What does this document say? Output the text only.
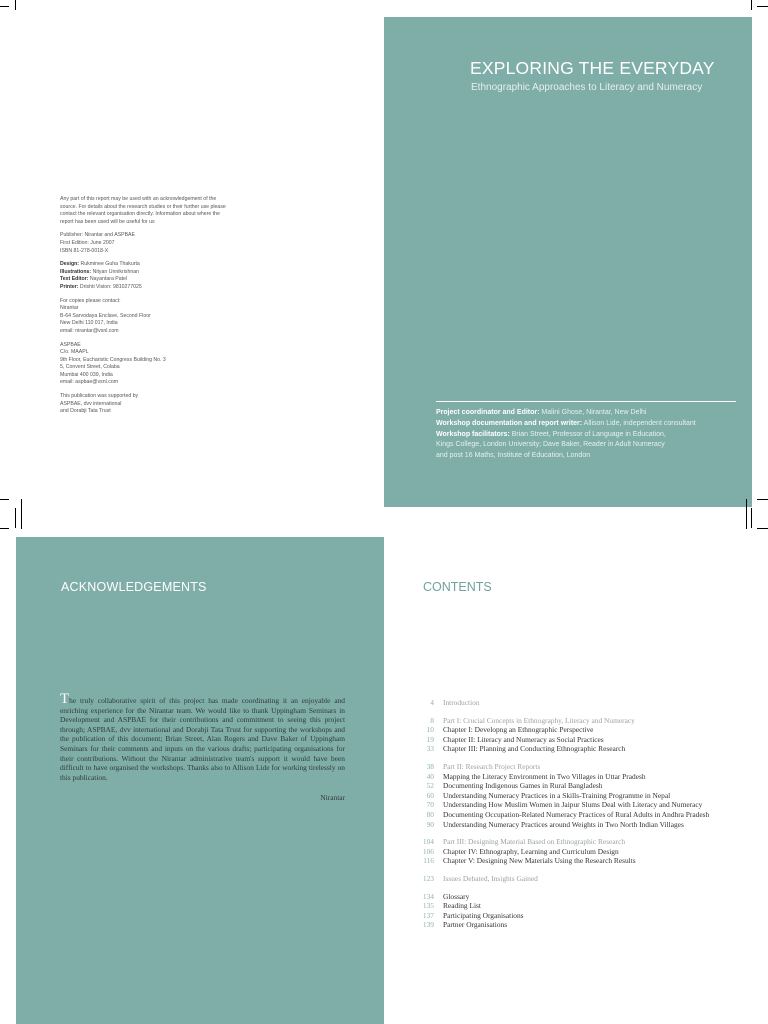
Any part of this report may be used with an acknowledgement of the source. For details about the research studies or their further use please contact the relevant organisation directly. Information about where the report has been used will be useful for us

Publisher: Nirantar and ASPBAE
First Edition: June 2007
ISBN 81-278-0018-X

Design: Rukminee Guha Thakurta
Illustrations: Nityan Unnikrishnan
Text Editor: Nayantara Patel
Printer: Drishti Vision: 9810277025

For copies please contact:
Nirantar
B-64 Sarvodaya Enclave, Second Floor
New Delhi 110 017, India
email: nirantar@vsnl.com

ASPBAE
C/o. MAAPL
9th Floor, Eucharistic Congress Building No. 3
5, Convent Street, Colaba
Mumbai 400 039, India
email: aspbae@vsnl.com

This publication was supported by
ASPBAE, dvv international
and Dorabji Tata Trust

EXPLORING THE EVERYDAY
Ethnographic Approaches to Literacy and Numeracy
Project coordinator and Editor: Malini Ghose, Nirantar, New Delhi
Workshop documentation and report writer: Allison Lide, independent consultant
Workshop facilitators: Brian Street, Professor of Language in Education,
Kings College, London University; Dave Baker, Reader in Adult Numeracy
and post 16 Maths, Institute of Education, London
ACKNOWLEDGEMENTS
The truly collaborative spirit of this project has made coordinating it an enjoyable and enriching experience for the Nirantar team. We would like to thank Uppingham Seminars in Development and ASPBAE for their contributions and commitment to seeing this project through; ASPBAE, dvv international and Dorabji Tata Trust for supporting the workshops and the publication of this document; Brian Street, Alan Rogers and Dave Baker of Uppingham Seminars for their comments and inputs on the various drafts; participating organisations for their contributions. Without the Nirantar administrative team's support it would have been difficult to have organised the workshops. Thanks also to Allison Lide for working tirelessly on this publication.
Nirantar
CONTENTS
4	Introduction
8	Part I: Crucial Concepts in Ethnography, Literacy and Numeracy
10	Chapter I: Developng an Ethnographic Perspective
19	Chapter II: Literacy and Numeracy as Social Practices
33	Chapter III: Planning and Conducting Ethnographic Research
38	Part II: Research Project Reports
40	Mapping the Literacy Environment in Two Villages in Uttar Pradesh
52	Documenting Indigenous Games in Rural Bangladesh
60	Understanding Numeracy Practices in a Skills-Training Programme in Nepal
70	Understanding How Muslim Women in Jaipur Slums Deal with Literacy and Numeracy
80	Documenting Occupation-Related Numeracy Practices of Rural Adults in Andhra Pradesh
90	Understanding Numeracy Practices around Weights in Two North Indian Villages
104	Part III: Designing Material Based on Ethnographic Research
106	Chapter IV: Ethnography, Learning and Curriculum Design
116	Chapter V: Designing New Materials Using the Research Results
123	Issues Debated, Insights Gained
134	Glossary
135	Reading List
137	Participating Organisations
139	Partner Organisations
